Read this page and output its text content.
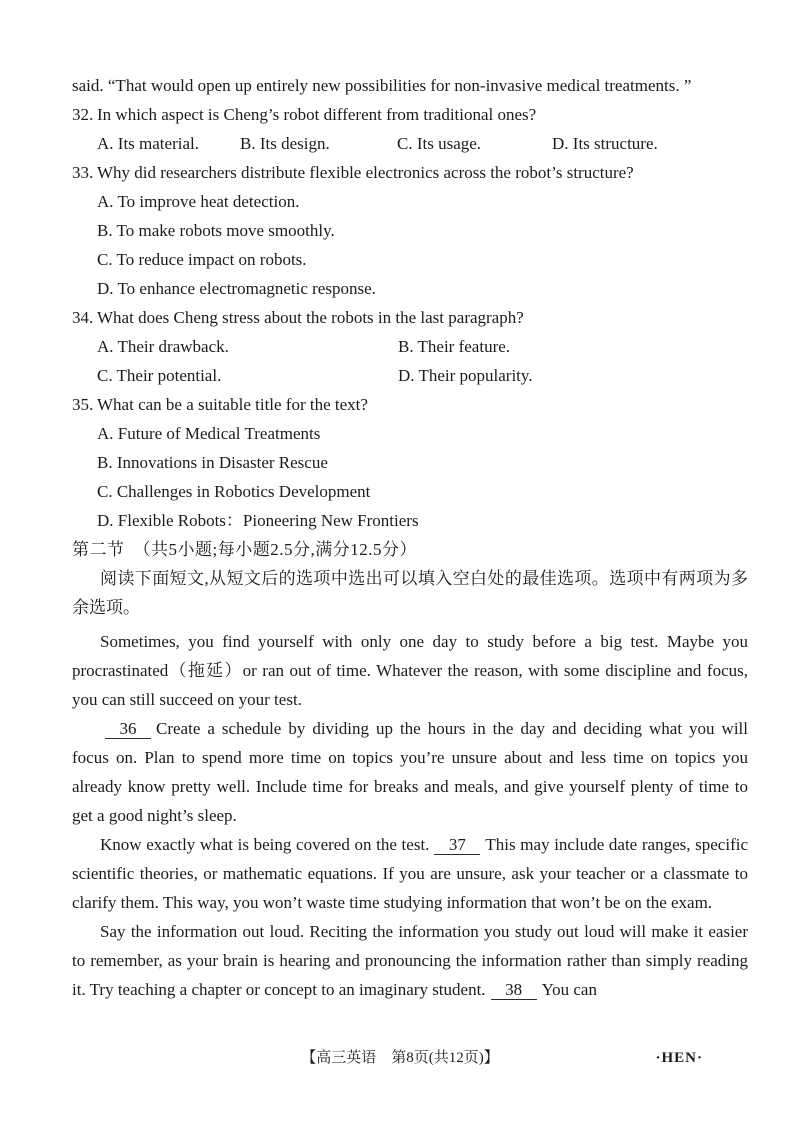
said. “That would open up entirely new possibilities for non-invasive medical treatments. ”

32. In which aspect is Cheng’s robot different from traditional ones?

A. Its material.	B. Its design.	C. Its usage.	D. Its structure.

33. Why did researchers distribute flexible electronics across the robot’s structure?

A. To improve heat detection.
B. To make robots move smoothly.
C. To reduce impact on robots.
D. To enhance electromagnetic response.

34. What does Cheng stress about the robots in the last paragraph?

A. Their drawback.	B. Their feature.
C. Their potential.	D. Their popularity.

35. What can be a suitable title for the text?

A. Future of Medical Treatments
B. Innovations in Disaster Rescue
C. Challenges in Robotics Development
D. Flexible Robots：Pioneering New Frontiers

第二节　（共5小题;每小题2.5分,满分12.5分）

阅读下面短文,从短文后的选项中选出可以填入空白处的最佳选项。选项中有两项为多余选项。

Sometimes, you find yourself with only one day to study before a big test. Maybe you procrastinated（拖延）or ran out of time. Whatever the reason, with some discipline and focus, you can still succeed on your test.

36 Create a schedule by dividing up the hours in the day and deciding what you will focus on. Plan to spend more time on topics you’re unsure about and less time on topics you already know pretty well. Include time for breaks and meals, and give yourself plenty of time to get a good night’s sleep.

Know exactly what is being covered on the test. 37 This may include date ranges, specific scientific theories, or mathematic equations. If you are unsure, ask your teacher or a classmate to clarify them. This way, you won’t waste time studying information that won’t be on the exam.

Say the information out loud. Reciting the information you study out loud will make it easier to remember, as your brain is hearing and pronouncing the information rather than simply reading it. Try teaching a chapter or concept to an imaginary student. 38 You can

【高三英语　第8页(共12页)】	·HEN·
